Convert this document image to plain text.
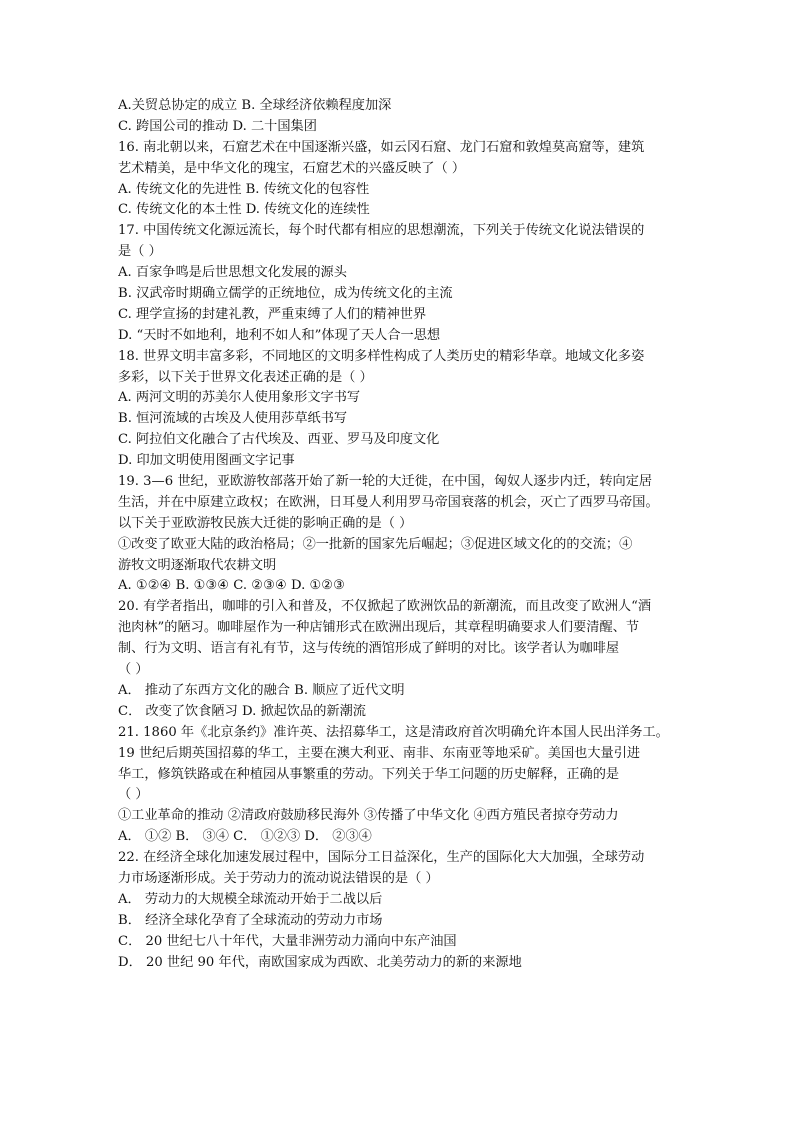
A.关贸总协定的成立 B. 全球经济依赖程度加深
C. 跨国公司的推动 D. 二十国集团
16. 南北朝以来，石窟艺术在中国逐渐兴盛，如云冈石窟、龙门石窟和敦煌莫高窟等，建筑
艺术精美，是中华文化的瑰宝，石窟艺术的兴盛反映了（ ）
A. 传统文化的先进性 B. 传统文化的包容性
C. 传统文化的本土性 D. 传统文化的连续性
17. 中国传统文化源远流长，每个时代都有相应的思想潮流，下列关于传统文化说法错误的
是（ ）
A. 百家争鸣是后世思想文化发展的源头
B. 汉武帝时期确立儒学的正统地位，成为传统文化的主流
C. 理学宣扬的封建礼教，严重束缚了人们的精神世界
D. “天时不如地利，地利不如人和”体现了天人合一思想
18. 世界文明丰富多彩，不同地区的文明多样性构成了人类历史的精彩华章。地域文化多姿
多彩，以下关于世界文化表述正确的是（ ）
A. 两河文明的苏美尔人使用象形文字书写
B. 恒河流域的古埃及人使用莎草纸书写
C. 阿拉伯文化融合了古代埃及、西亚、罗马及印度文化
D. 印加文明使用图画文字记事
19. 3—6 世纪，亚欧游牧部落开始了新一轮的大迁徙，在中国，匈奴人逐步内迁，转向定居
生活，并在中原建立政权；在欧洲，日耳曼人利用罗马帝国衰落的机会，灭亡了西罗马帝国。
以下关于亚欧游牧民族大迁徙的影响正确的是（ ）
①改变了欧亚大陆的政治格局；②一批新的国家先后崛起；③促进区域文化的的交流；④
游牧文明逐渐取代农耕文明
A. ①②④ B. ①③④ C. ②③④ D. ①②③
20. 有学者指出，咖啡的引入和普及，不仅掀起了欧洲饮品的新潮流，而且改变了欧洲人“酒
池肉林”的陋习。咖啡屋作为一种店铺形式在欧洲出现后，其章程明确要求人们要清醒、节
制、行为文明、语言有礼有节，这与传统的酒馆形成了鲜明的对比。该学者认为咖啡屋
（ ）
A． 推动了东西方文化的融合 B. 顺应了近代文明
C． 改变了饮食陋习 D. 掀起饮品的新潮流
21. 1860 年《北京条约》准许英、法招募华工，这是清政府首次明确允许本国人民出洋务工。
19 世纪后期英国招募的华工，主要在澳大利亚、南非、东南亚等地采矿。美国也大量引进
华工，修筑铁路或在种植园从事繁重的劳动。下列关于华工问题的历史解释，正确的是
（ ）
①工业革命的推动 ②清政府鼓励移民海外 ③传播了中华文化 ④西方殖民者掠夺劳动力
A． ①② B． ③④ C． ①②③ D． ②③④
22. 在经济全球化加速发展过程中，国际分工日益深化，生产的国际化大大加强，全球劳动
力市场逐渐形成。关于劳动力的流动说法错误的是（ ）
A． 劳动力的大规模全球流动开始于二战以后
B． 经济全球化孕育了全球流动的劳动力市场
C． 20 世纪七八十年代，大量非洲劳动力涌向中东产油国
D． 20 世纪 90 年代，南欧国家成为西欧、北美劳动力的新的来源地
